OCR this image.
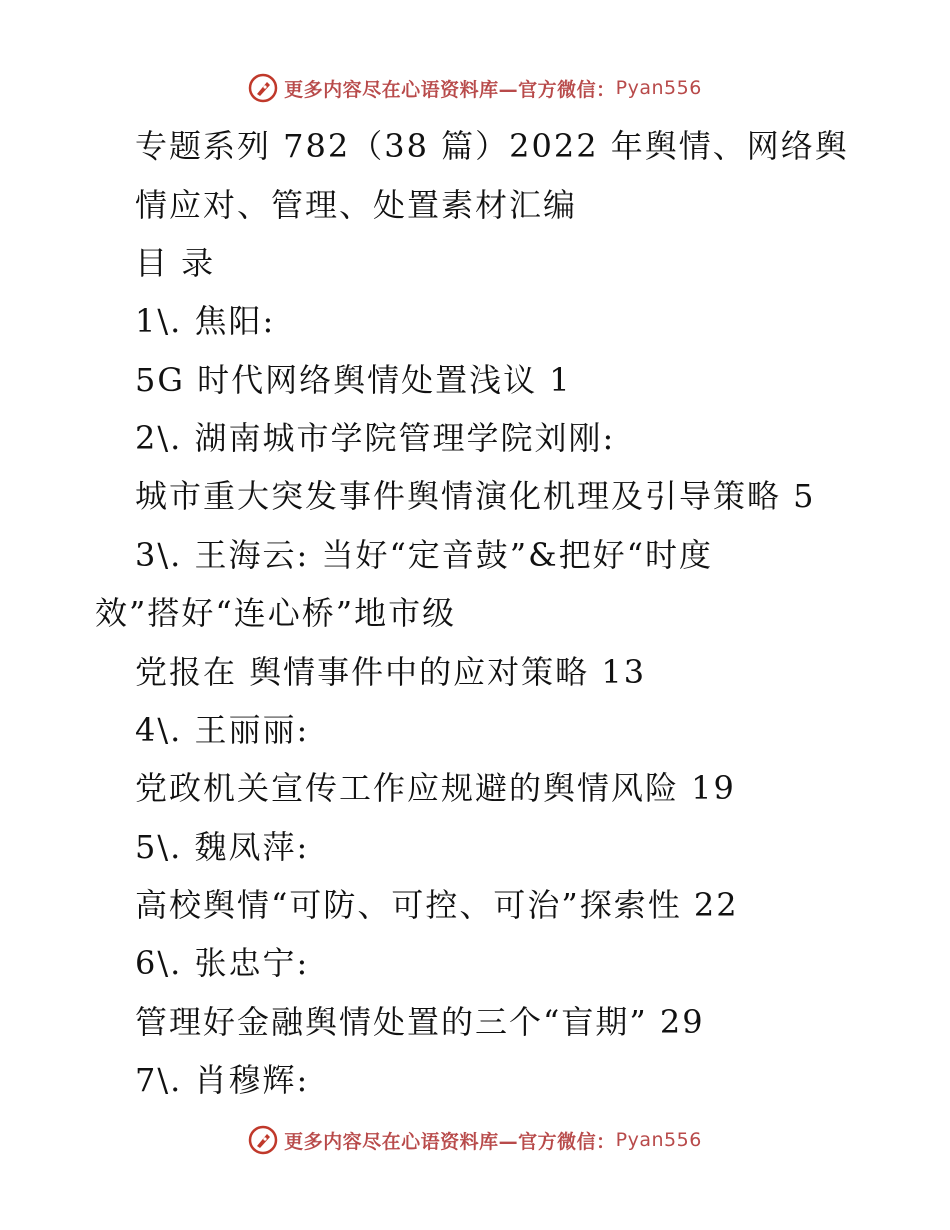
更多内容尽在心语资料库—官方微信： Pyan556
专题系列 782（38 篇）2022 年舆情、网络舆
情应对、管理、处置素材汇编
目 录
1\. 焦阳:
5G 时代网络舆情处置浅议 1
2\. 湖南城市学院管理学院刘刚:
城市重大突发事件舆情演化机理及引导策略 5
3\. 王海云: 当好“定音鼓”&把好“时度
效”搭好“连心桥”地市级
党报在 舆情事件中的应对策略 13
4\. 王丽丽:
党政机关宣传工作应规避的舆情风险 19
5\. 魏凤萍:
高校舆情“可防、可控、可治”探索性 22
6\. 张忠宁:
管理好金融舆情处置的三个“盲期” 29
7\. 肖穆辉:
更多内容尽在心语资料库—官方微信： Pyan556
